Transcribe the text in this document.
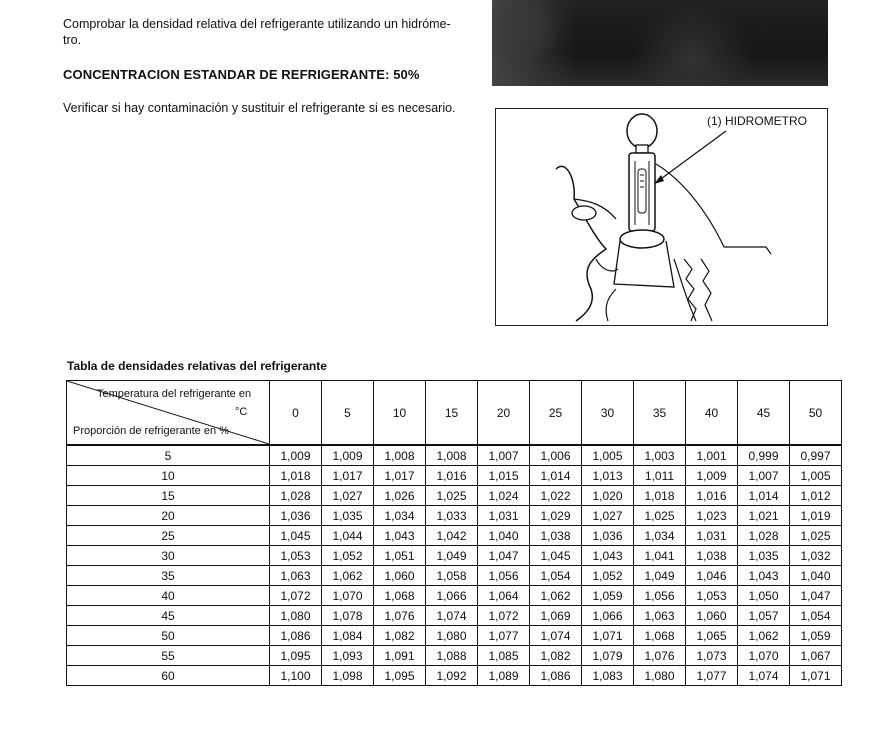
Comprobar la densidad relativa del refrigerante utilizando un hidróme-
tro.

CONCENTRACION ESTANDAR DE REFRIGERANTE: 50%

Verificar si hay contaminación y sustituir el refrigerante si es necesario.

(1) HIDROMETRO

Tabla de densidades relativas del refrigerante

Temperatura del refrigerante en
°C
Proporción de refrigerante en %	0	5	10	15	20	25	30	35	40	45	50
5	1,009	1,009	1,008	1,008	1,007	1,006	1,005	1,003	1,001	0,999	0,997
10	1,018	1,017	1,017	1,016	1,015	1,014	1,013	1,011	1,009	1,007	1,005
15	1,028	1,027	1,026	1,025	1,024	1,022	1,020	1,018	1,016	1,014	1,012
20	1,036	1,035	1,034	1,033	1,031	1,029	1,027	1,025	1,023	1,021	1,019
25	1,045	1,044	1,043	1,042	1,040	1,038	1,036	1,034	1,031	1,028	1,025
30	1,053	1,052	1,051	1,049	1,047	1,045	1,043	1,041	1,038	1,035	1,032
35	1,063	1,062	1,060	1,058	1,056	1,054	1,052	1,049	1,046	1,043	1,040
40	1,072	1,070	1,068	1,066	1,064	1,062	1,059	1,056	1,053	1,050	1,047
45	1,080	1,078	1,076	1,074	1,072	1,069	1,066	1,063	1,060	1,057	1,054
50	1,086	1,084	1,082	1,080	1,077	1,074	1,071	1,068	1,065	1,062	1,059
55	1,095	1,093	1,091	1,088	1,085	1,082	1,079	1,076	1,073	1,070	1,067
60	1,100	1,098	1,095	1,092	1,089	1,086	1,083	1,080	1,077	1,074	1,071
